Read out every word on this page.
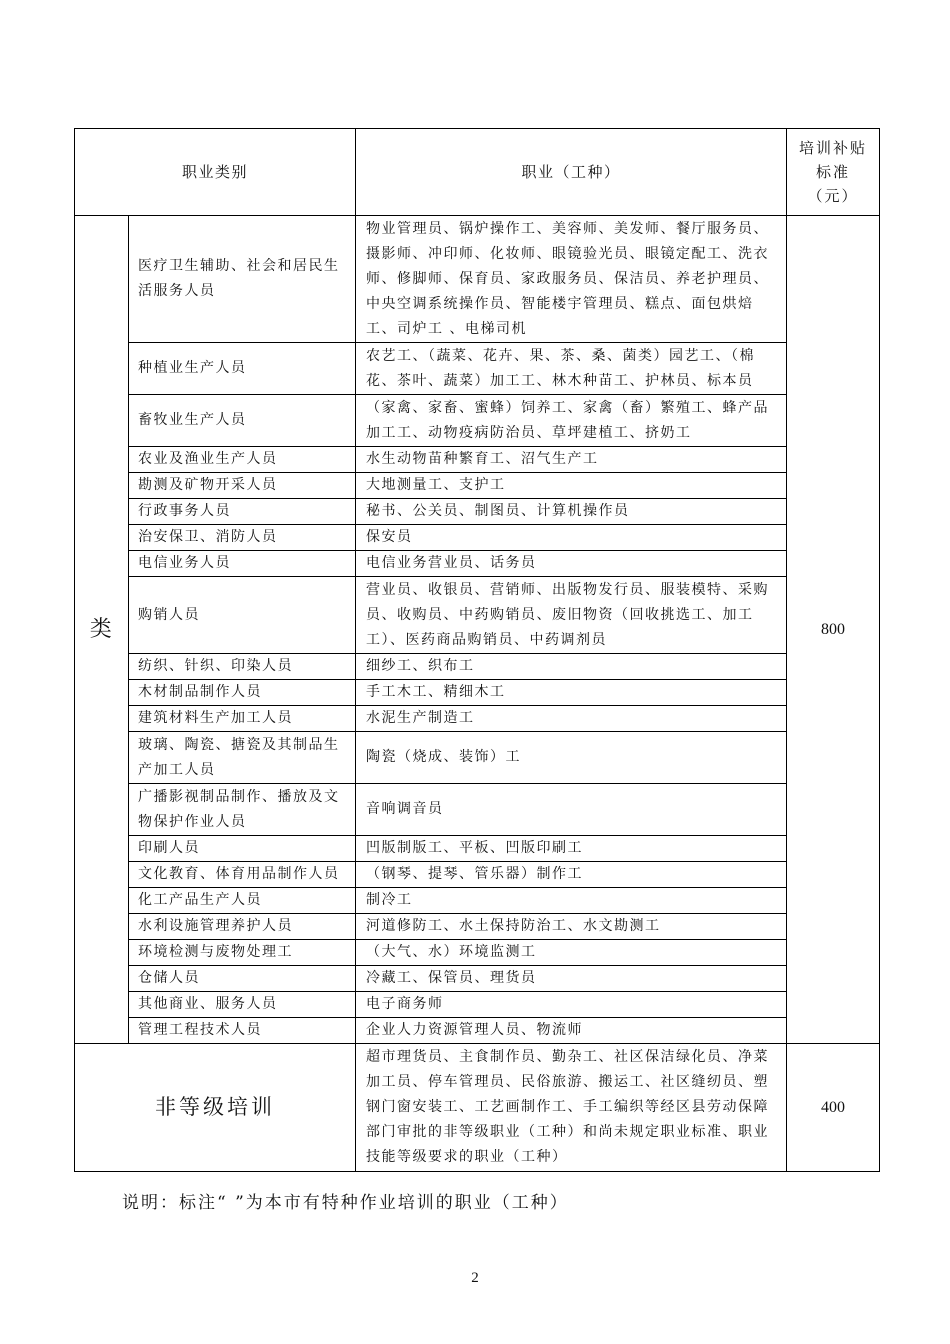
职业类别		职业（工种）	培训补贴标准（元）
类	医疗卫生辅助、社会和居民生活服务人员	物业管理员、锅炉操作工、美容师、美发师、餐厅服务员、摄影师、冲印师、化妆师、眼镜验光员、眼镜定配工、洗衣师、修脚师、保育员、家政服务员、保洁员、养老护理员、中央空调系统操作员、智能楼宇管理员、糕点、面包烘焙工、司炉工 、电梯司机	800
	种植业生产人员	农艺工、（蔬菜、花卉、果、茶、桑、菌类）园艺工、（棉花、茶叶、蔬菜）加工工、林木种苗工、护林员、标本员	
	畜牧业生产人员	（家禽、家畜、蜜蜂）饲养工、家禽（畜）繁殖工、蜂产品加工工、动物疫病防治员、草坪建植工、挤奶工	
	农业及渔业生产人员	水生动物苗种繁育工、沼气生产工	
	勘测及矿物开采人员	大地测量工、支护工	
	行政事务人员	秘书、公关员、制图员、计算机操作员	
	治安保卫、消防人员	保安员	
	电信业务人员	电信业务营业员、话务员	
	购销人员	营业员、收银员、营销师、出版物发行员、服装模特、采购员、收购员、中药购销员、废旧物资（回收挑选工、加工工）、医药商品购销员、中药调剂员	
	纺织、针织、印染人员	细纱工、织布工	
	木材制品制作人员	手工木工、精细木工	
	建筑材料生产加工人员	水泥生产制造工	
	玻璃、陶瓷、搪瓷及其制品生产加工人员	陶瓷（烧成、装饰）工	
	广播影视制品制作、播放及文物保护作业人员	音响调音员	
	印刷人员	凹版制版工、平板、凹版印刷工	
	文化教育、体育用品制作人员	（钢琴、提琴、管乐器）制作工	
	化工产品生产人员	制冷工	
	水利设施管理养护人员	河道修防工、水土保持防治工、水文勘测工	
	环境检测与废物处理工	（大气、水）环境监测工	
	仓储人员	冷藏工、保管员、理货员	
	其他商业、服务人员	电子商务师	
	管理工程技术人员	企业人力资源管理人员、物流师	
非等级培训		超市理货员、主食制作员、勤杂工、社区保洁绿化员、净菜加工员、停车管理员、民俗旅游、搬运工、社区缝纫员、塑钢门窗安装工、工艺画制作工、手工编织等经区县劳动保障部门审批的非等级职业（工种）和尚未规定职业标准、职业技能等级要求的职业（工种）	400
说明：标注“ ”为本市有特种作业培训的职业（工种）
2
